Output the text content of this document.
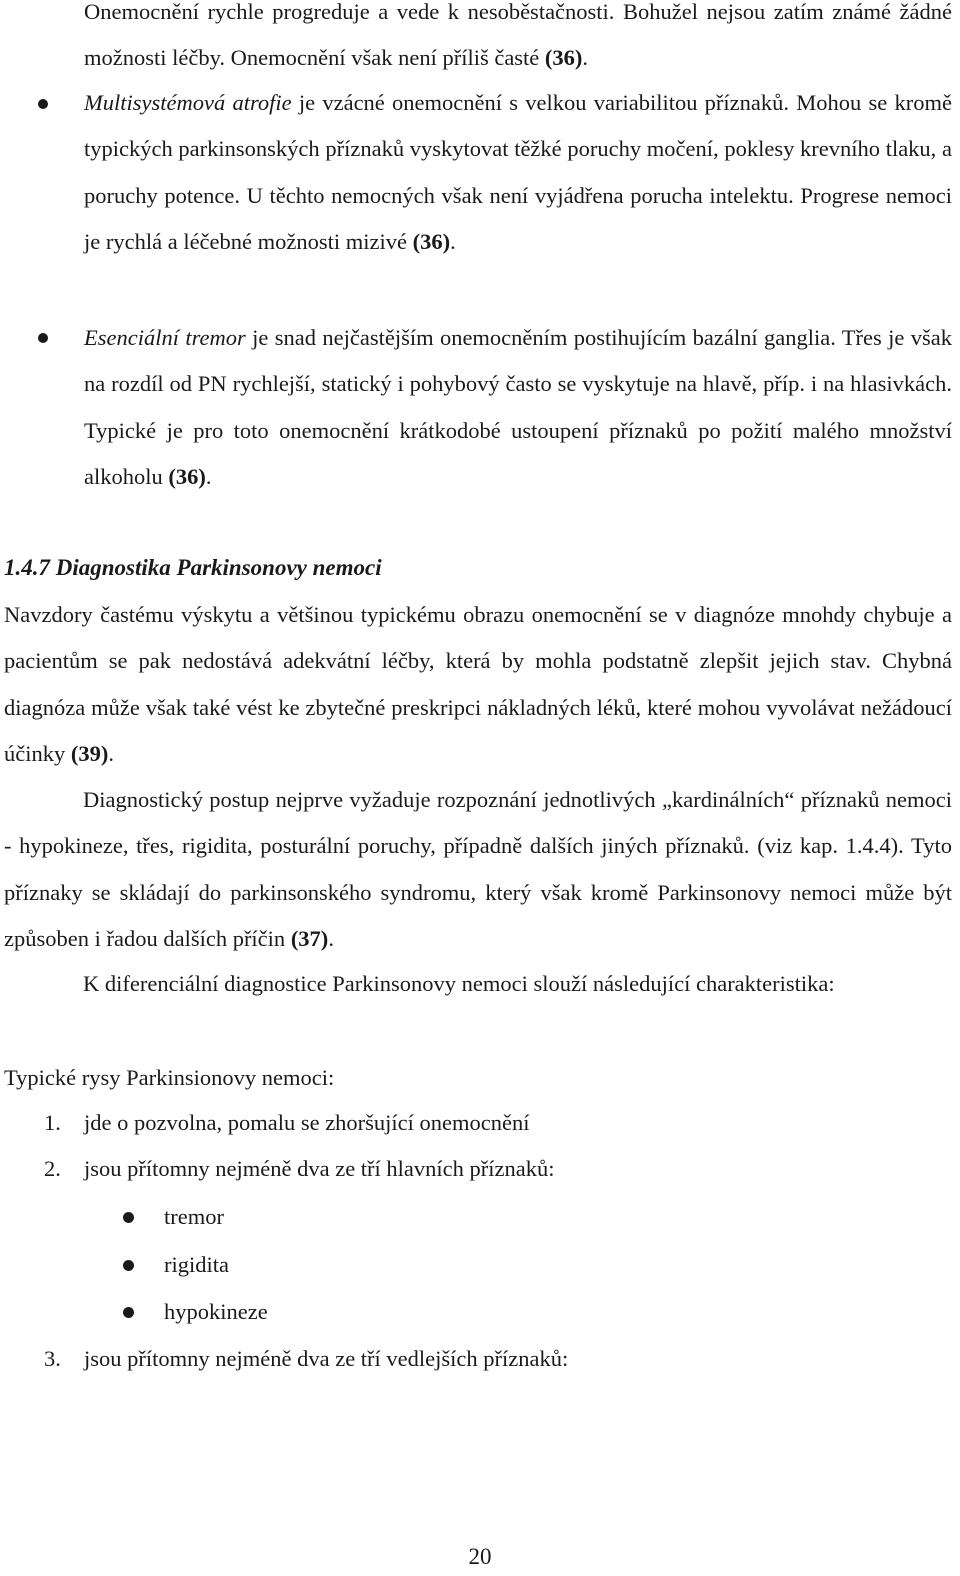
Onemocnění rychle progreduje a vede k nesoběstačnosti. Bohužel nejsou zatím známé žádné možnosti léčby. Onemocnění však není příliš časté (36).

Multisystémová atrofie je vzácné onemocnění s velkou variabilitou příznaků. Mohou se kromě typických parkinsonských příznaků vyskytovat těžké poruchy močení, poklesy krevního tlaku, a poruchy potence. U těchto nemocných však není vyjádřena porucha intelektu. Progrese nemoci je rychlá a léčebné možnosti mizivé (36).

Esenciální tremor je snad nejčastějším onemocněním postihujícím bazální ganglia. Třes je však na rozdíl od PN rychlejší, statický i pohybový často se vyskytuje na hlavě, příp. i na hlasivkách. Typické je pro toto onemocnění krátkodobé ustoupení příznaků po požití malého množství alkoholu (36).

1.4.7 Diagnostika Parkinsonovy nemoci

Navzdory častému výskytu a většinou typickému obrazu onemocnění se v diagnóze mnohdy chybuje a pacientům se pak nedostává adekvátní léčby, která by mohla podstatně zlepšit jejich stav. Chybná diagnóza může však také vést ke zbytečné preskripci nákladných léků, které mohou vyvolávat nežádoucí účinky (39).

Diagnostický postup nejprve vyžaduje rozpoznání jednotlivých „kardinálních“ příznaků nemoci - hypokineze, třes, rigidita, posturální poruchy, případně dalších jiných příznaků. (viz kap. 1.4.4). Tyto příznaky se skládají do parkinsonského syndromu, který však kromě Parkinsonovy nemoci může být způsoben i řadou dalších příčin (37).

K diferenciální diagnostice Parkinsonovy nemoci slouží následující charakteristika:

Typické rysy Parkinsionovy nemoci:

1. jde o pozvolna, pomalu se zhoršující onemocnění

2. jsou přítomny nejméně dva ze tří hlavních příznaků:

tremor

rigidita

hypokineze

3. jsou přítomny nejméně dva ze tří vedlejších příznaků:

20
